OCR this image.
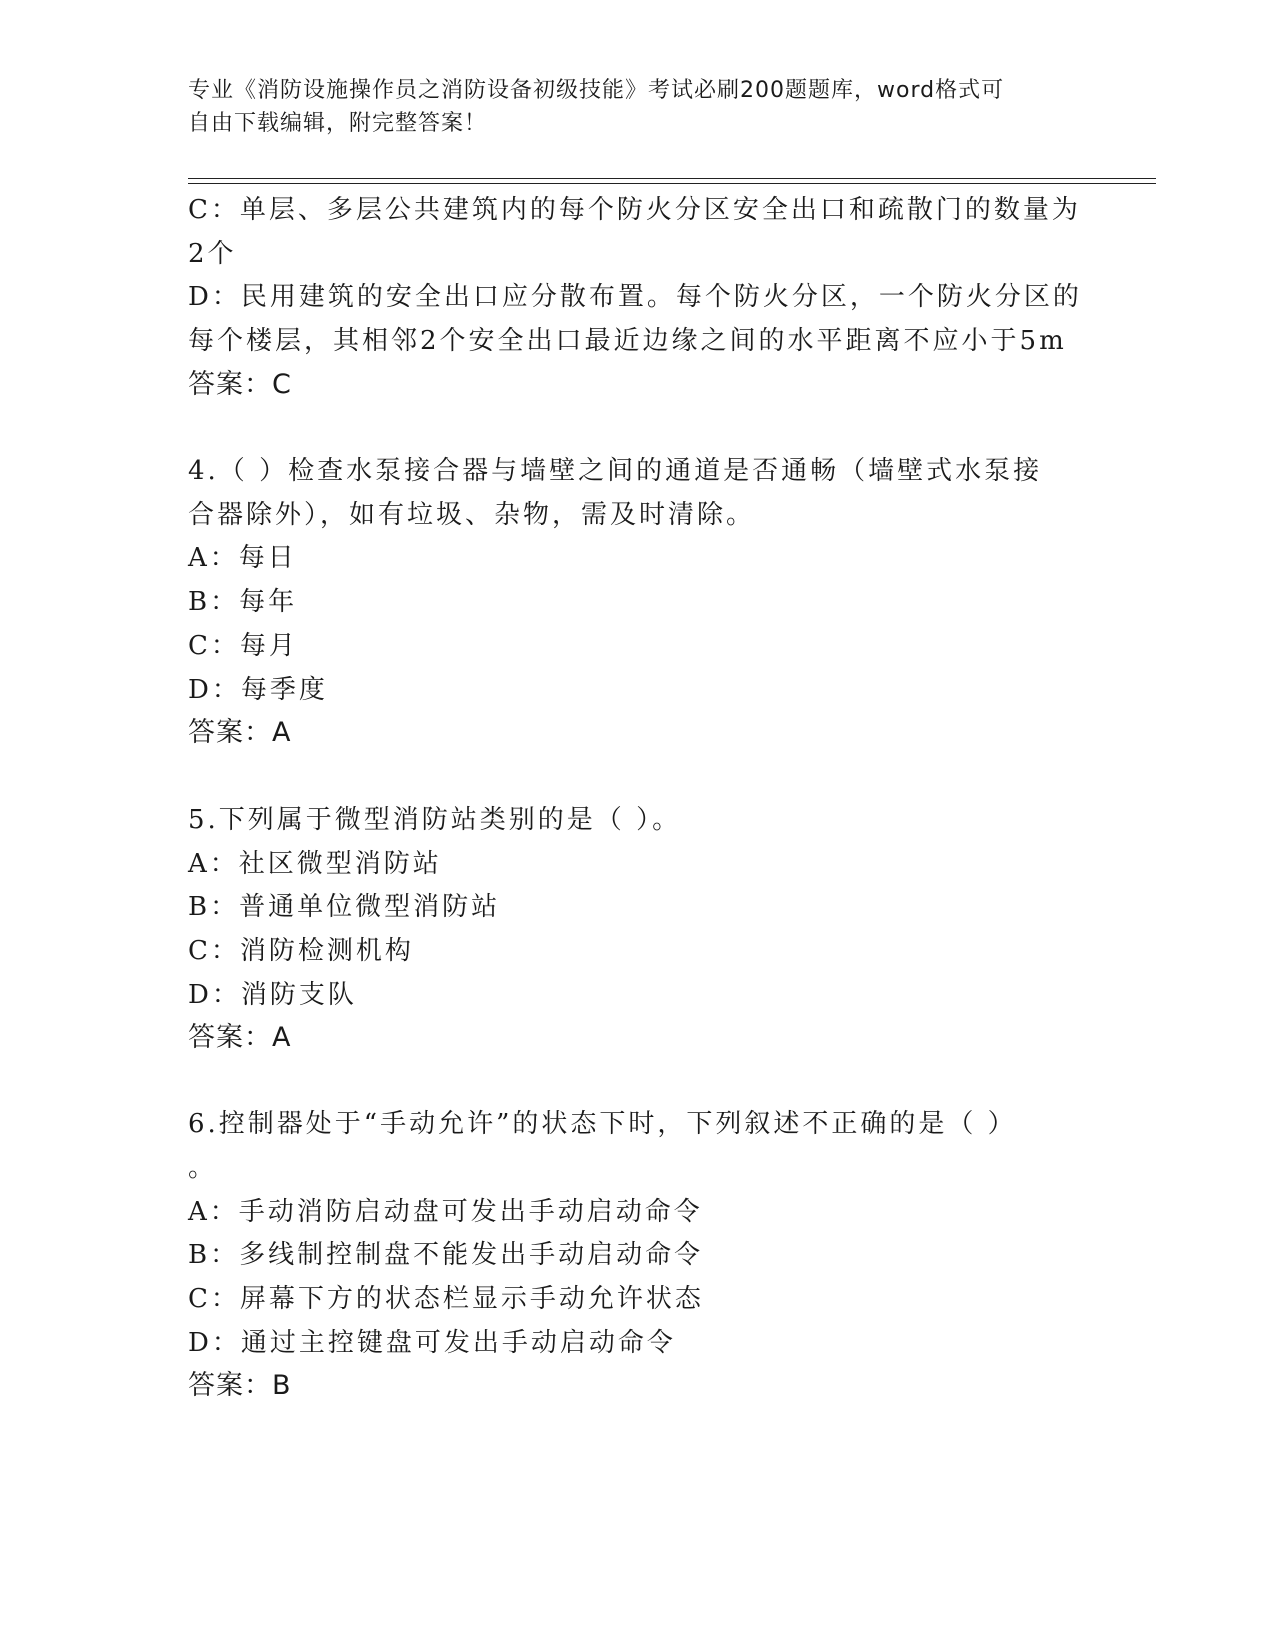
专业《消防设施操作员之消防设备初级技能》考试必刷200题题库，word格式可
自由下载编辑，附完整答案！
C：单层、多层公共建筑内的每个防火分区安全出口和疏散门的数量为
2个
D：民用建筑的安全出口应分散布置。每个防火分区，一个防火分区的
每个楼层，其相邻2个安全出口最近边缘之间的水平距离不应小于5m
答案：C
4.（ ）检查水泵接合器与墙壁之间的通道是否通畅（墙壁式水泵接
合器除外），如有垃圾、杂物，需及时清除。
A：每日
B：每年
C：每月
D：每季度
答案：A
5.下列属于微型消防站类别的是（ ）。
A：社区微型消防站
B：普通单位微型消防站
C：消防检测机构
D：消防支队
答案：A
6.控制器处于“手动允许”的状态下时，下列叙述不正确的是（ ）
。
A：手动消防启动盘可发出手动启动命令
B：多线制控制盘不能发出手动启动命令
C：屏幕下方的状态栏显示手动允许状态
D：通过主控键盘可发出手动启动命令
答案：B
